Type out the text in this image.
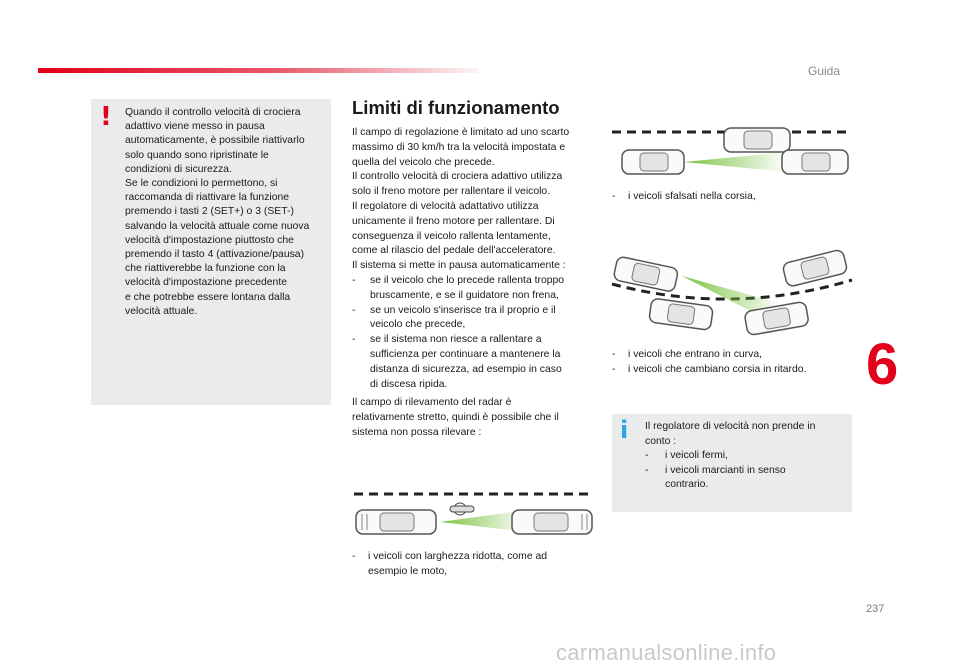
Guida
! Quando il controllo velocità di crociera
adattivo viene messo in pausa
automaticamente, è possibile riattivarlo
solo quando sono ripristinate le
condizioni di sicurezza.
Se le condizioni lo permettono, si
raccomanda di riattivare la funzione
premendo i tasti 2 (SET+) o 3 (SET-)
salvando la velocità attuale come nuova
velocità d'impostazione piuttosto che
premendo il tasto 4 (attivazione/pausa)
che riattiverebbe la funzione con la
velocità d'impostazione precedente
e che potrebbe essere lontana dalla
velocità attuale.
Limiti di funzionamento
Il campo di regolazione è limitato ad uno scarto
massimo di 30 km/h tra la velocità impostata e
quella del veicolo che precede.
Il controllo velocità di crociera adattivo utilizza
solo il freno motore per rallentare il veicolo.
Il regolatore di velocità adattativo utilizza
unicamente il freno motore per rallentare. Di
conseguenza il veicolo rallenta lentamente,
come al rilascio del pedale dell'acceleratore.
Il sistema si mette in pausa automaticamente :
- se il veicolo che lo precede rallenta troppo
bruscamente, e se il guidatore non frena,
- se un veicolo s'inserisce tra il proprio e il
veicolo che precede,
- se il sistema non riesce a rallentare a
sufficienza per continuare a mantenere la
distanza di sicurezza, ad esempio in caso
di discesa ripida.
Il campo di rilevamento del radar è
relativamente stretto, quindi è possibile che il
sistema non possa rilevare :
- i veicoli con larghezza ridotta, come ad
esempio le moto,
- i veicoli sfalsati nella corsia,
- i veicoli che entrano in curva,
- i veicoli che cambiano corsia in ritardo.
i Il regolatore di velocità non prende in
conto :
- i veicoli fermi,
- i veicoli marcianti in senso
contrario.
6
237
carmanualsonline.info
